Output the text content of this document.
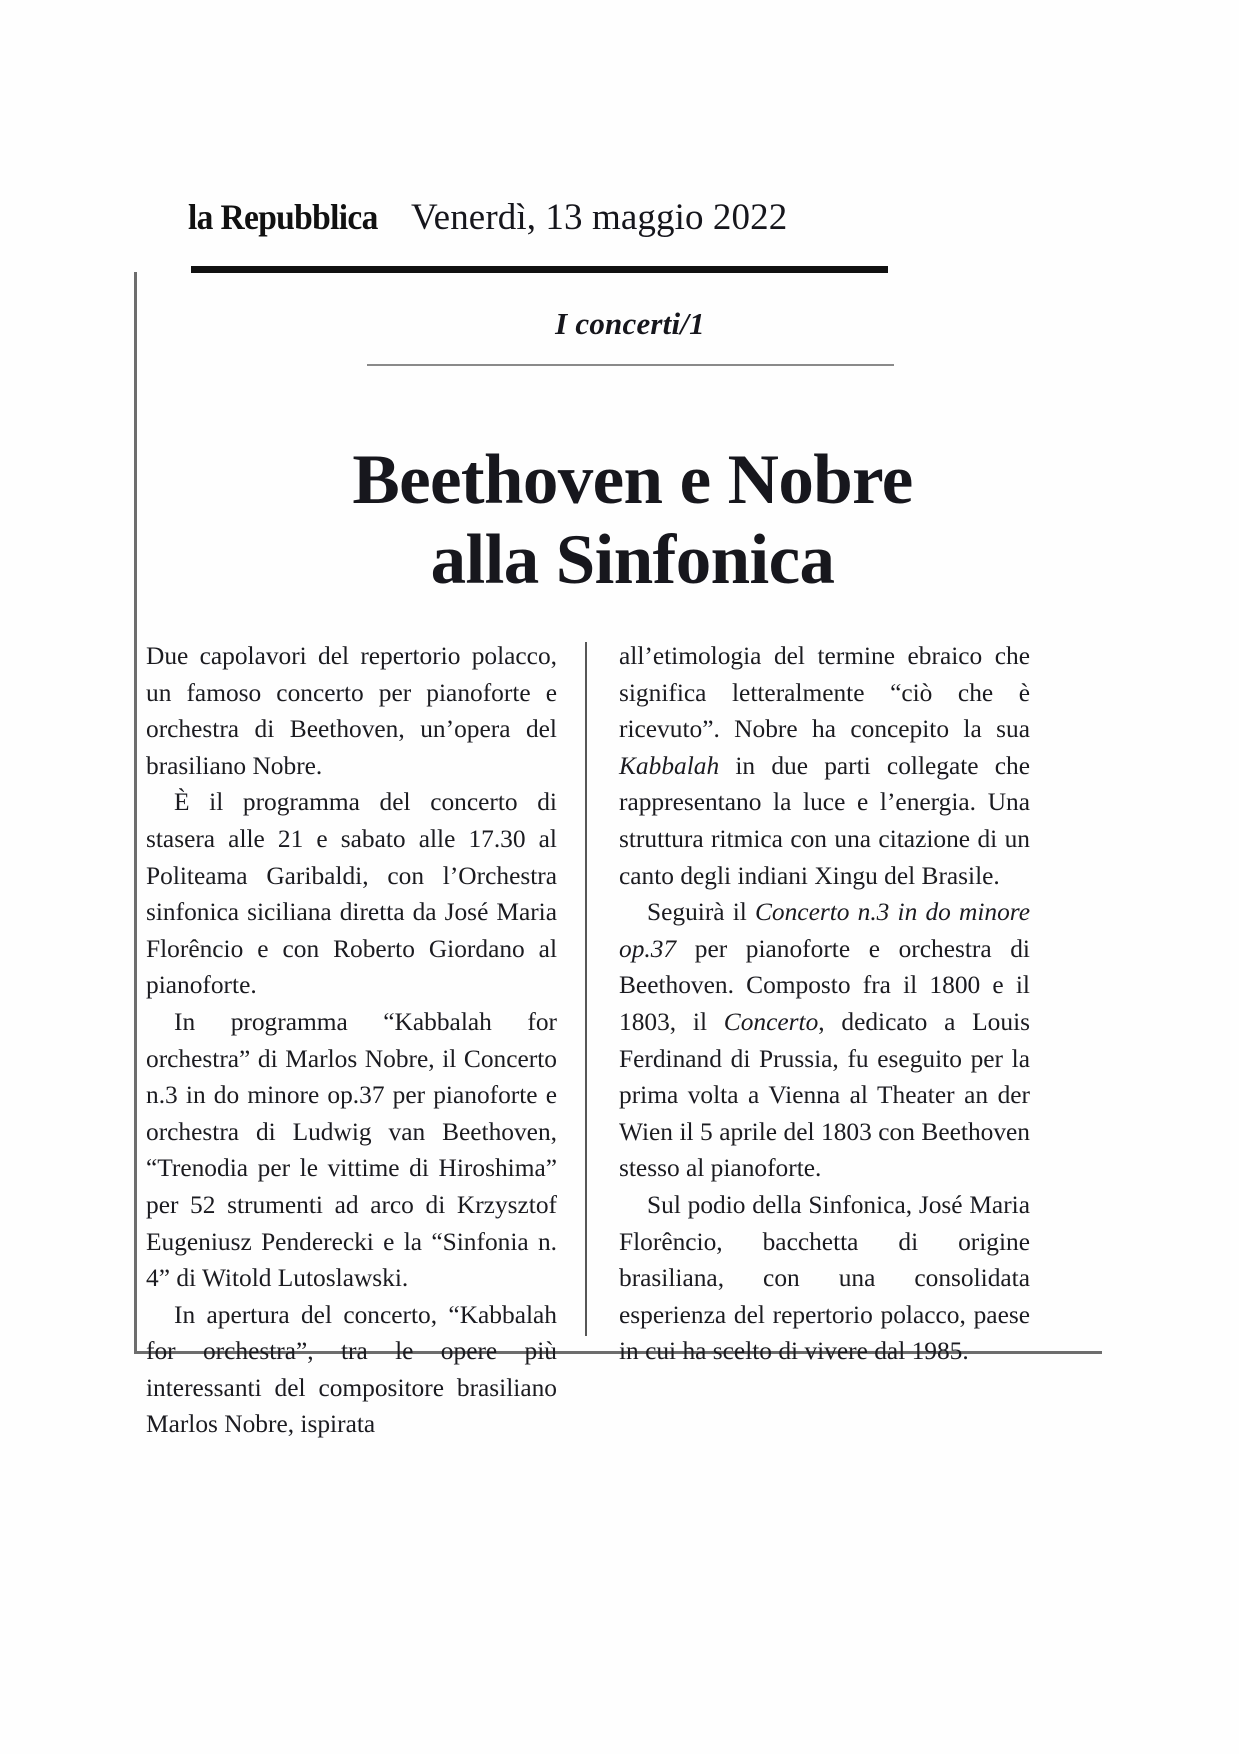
la Repubblica Venerdì, 13 maggio 2022
I concerti/1
Beethoven e Nobre
alla Sinfonica

Due capolavori del repertorio polacco, un famoso concerto per pianoforte e orchestra di Beethoven, un’opera del brasiliano Nobre.

È il programma del concerto di stasera alle 21 e sabato alle 17.30 al Politeama Garibaldi, con l’Orchestra sinfonica siciliana diretta da José Maria Florêncio e con Roberto Giordano al pianoforte.

In programma “Kabbalah for orchestra” di Marlos Nobre, il Concerto n.3 in do minore op.37 per pianoforte e orchestra di Ludwig van Beethoven, “Trenodia per le vittime di Hiroshima” per 52 strumenti ad arco di Krzysztof Eugeniusz Penderecki e la “Sinfonia n. 4” di Witold Lutoslawski.

In apertura del concerto, “Kabbalah for orchestra”, tra le opere più interessanti del compositore brasiliano Marlos Nobre, ispirata

all’etimologia del termine ebraico che significa letteralmente “ciò che è ricevuto”. Nobre ha concepito la sua Kabbalah in due parti collegate che rappresentano la luce e l’energia. Una struttura ritmica con una citazione di un canto degli indiani Xingu del Brasile.

Seguirà il Concerto n.3 in do minore op.37 per pianoforte e orchestra di Beethoven. Composto fra il 1800 e il 1803, il Concerto, dedicato a Louis Ferdinand di Prussia, fu eseguito per la prima volta a Vienna al Theater an der Wien il 5 aprile del 1803 con Beethoven stesso al pianoforte.

Sul podio della Sinfonica, José Maria Florêncio, bacchetta di origine brasiliana, con una consolidata esperienza del repertorio polacco, paese in cui ha scelto di vivere dal 1985.
